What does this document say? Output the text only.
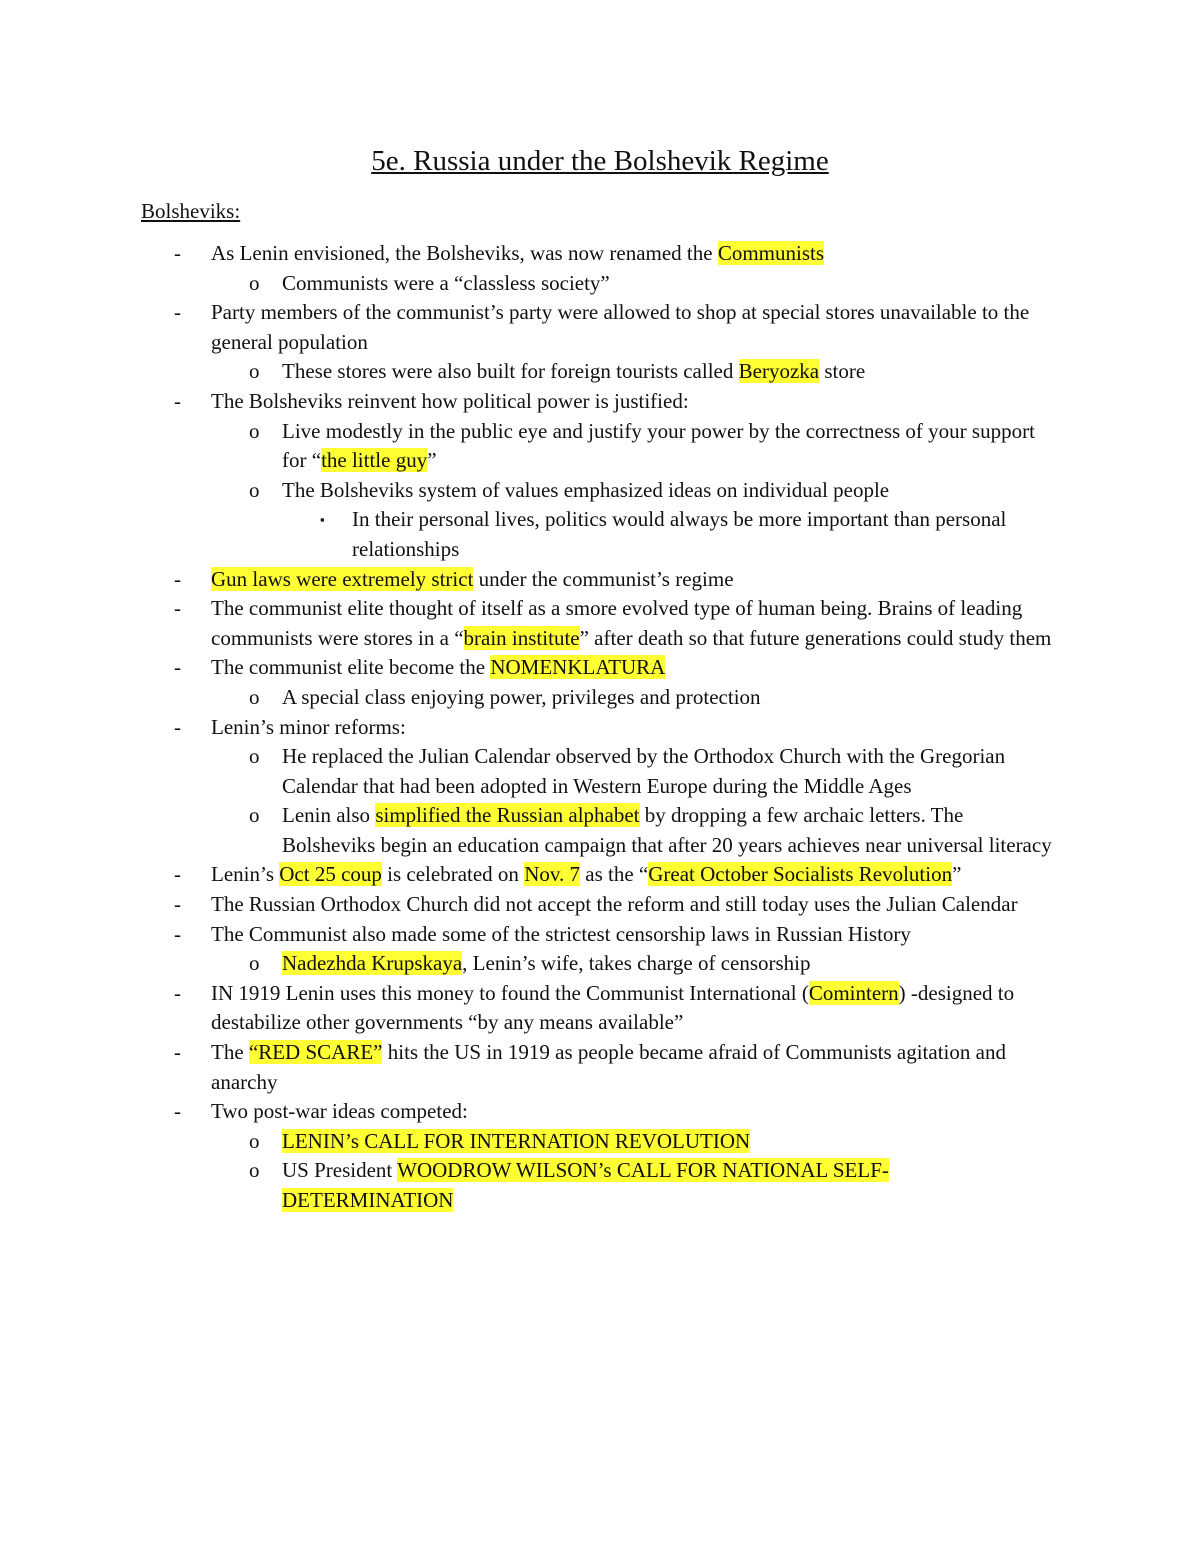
5e. Russia under the Bolshevik Regime
Bolsheviks:
- As Lenin envisioned, the Bolsheviks, was now renamed the Communists
o Communists were a “classless society”
- Party members of the communist’s party were allowed to shop at special stores unavailable to the general population
o These stores were also built for foreign tourists called Beryozka store
- The Bolsheviks reinvent how political power is justified:
o Live modestly in the public eye and justify your power by the correctness of your support for “the little guy”
o The Bolsheviks system of values emphasized ideas on individual people
▪ In their personal lives, politics would always be more important than personal relationships
- Gun laws were extremely strict under the communist’s regime
- The communist elite thought of itself as a smore evolved type of human being. Brains of leading communists were stores in a “brain institute” after death so that future generations could study them
- The communist elite become the NOMENKLATURA
o A special class enjoying power, privileges and protection
- Lenin’s minor reforms:
o He replaced the Julian Calendar observed by the Orthodox Church with the Gregorian Calendar that had been adopted in Western Europe during the Middle Ages
o Lenin also simplified the Russian alphabet by dropping a few archaic letters. The Bolsheviks begin an education campaign that after 20 years achieves near universal literacy
- Lenin’s Oct 25 coup is celebrated on Nov. 7 as the “Great October Socialists Revolution”
- The Russian Orthodox Church did not accept the reform and still today uses the Julian Calendar
- The Communist also made some of the strictest censorship laws in Russian History
o Nadezhda Krupskaya, Lenin’s wife, takes charge of censorship
- IN 1919 Lenin uses this money to found the Communist International (Comintern) -designed to destabilize other governments “by any means available”
- The “RED SCARE” hits the US in 1919 as people became afraid of Communists agitation and anarchy
- Two post-war ideas competed:
o LENIN’s CALL FOR INTERNATION REVOLUTION
o US President WOODROW WILSON’s CALL FOR NATIONAL SELF-DETERMINATION
